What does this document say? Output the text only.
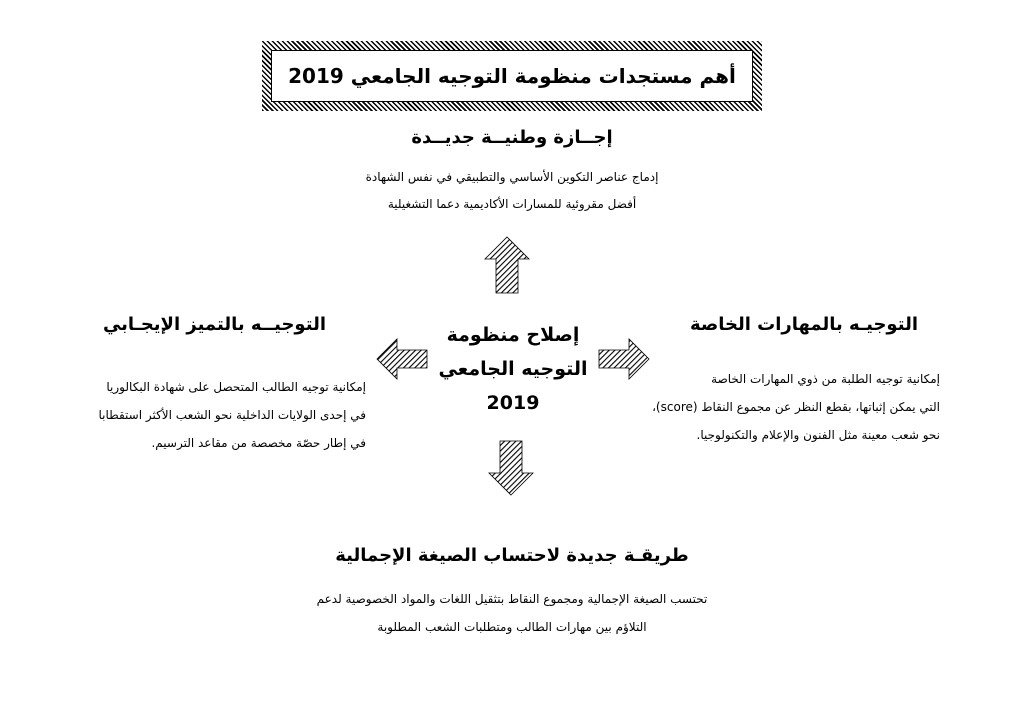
أهم مستجدات منظومة التوجيه الجامعي 2019
إجــازة وطنيــة جديــدة
إدماج عناصر التكوين الأساسي والتطبيقي في نفس الشهادة
أفضل مقروئية للمسارات الأكاديمية دعما التشغيلية
إصلاح منظومة
التوجيه الجامعي
2019
التوجيــه بالتميز الإيجـابي
إمكانية توجيه الطالب المتحصل على شهادة البكالوريا
في إحدى الولايات الداخلية نحو الشعب الأكثر استقطابا
في إطار حصّة مخصصة من مقاعد الترسيم.
التوجيـه بالمهارات الخاصة
إمكانية توجيه الطلبة من ذوي المهارات الخاصة
التي يمكن إثباتها، بقطع النظر عن مجموع النقاط (score)،
نحو شعب معينة مثل الفنون والإعلام والتكنولوجيا.
طريقـة جديدة لاحتساب الصيغة الإجمالية
تحتسب الصيغة الإجمالية ومجموع النقاط بتثقيل اللغات والمواد الخصوصية لدعم
التلاؤم بين مهارات الطالب ومتطلبات الشعب المطلوبة
